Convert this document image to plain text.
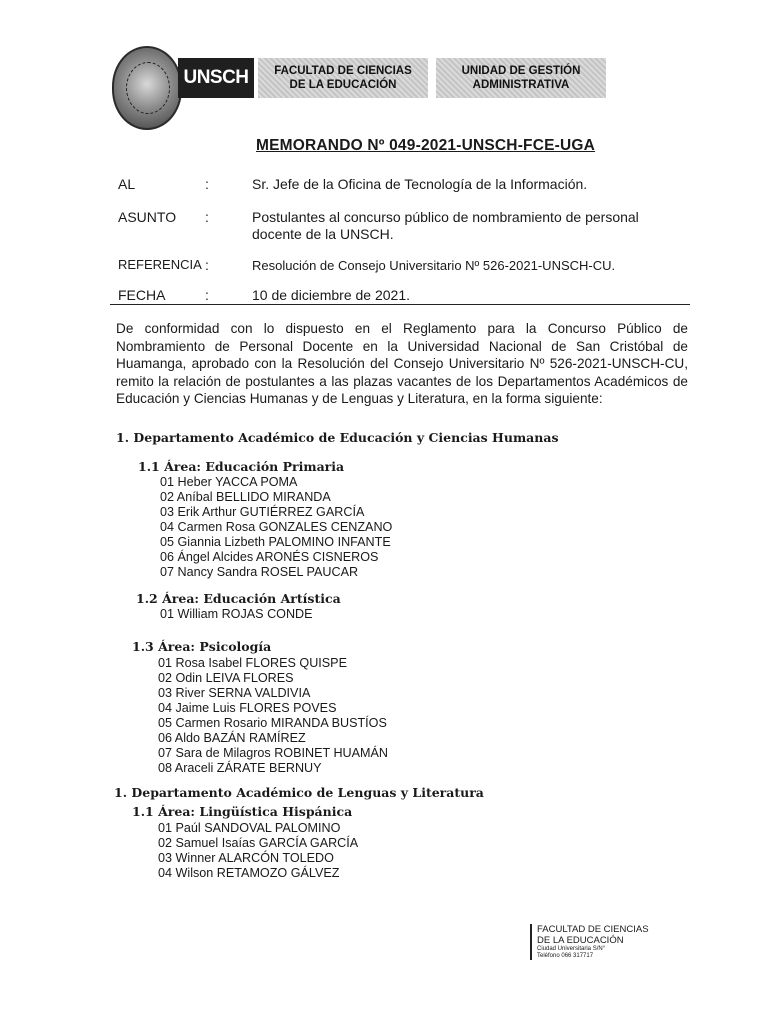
UNSCH FACULTAD DE CIENCIAS
DE LA EDUCACIÓN
UNIDAD DE GESTIÓN
ADMINISTRATIVA
MEMORANDO Nº 049-2021-UNSCH-FCE-UGA
AL	:	Sr. Jefe de la Oficina de Tecnología de la Información.
ASUNTO :	Postulantes al concurso público de nombramiento de personal docente de la UNSCH.
REFERENCIA :	Resolución de Consejo Universitario Nº 526-2021-UNSCH-CU.
FECHA	:	10 de diciembre de 2021.
De conformidad con lo dispuesto en el Reglamento para la Concurso Público de Nombramiento de Personal Docente en la Universidad Nacional de San Cristóbal de Huamanga, aprobado con la Resolución del Consejo Universitario Nº 526-2021-UNSCH-CU, remito la relación de postulantes a las plazas vacantes de los Departamentos Académicos de Educación y Ciencias Humanas y de Lenguas y Literatura, en la forma siguiente:
1. Departamento Académico de Educación y Ciencias Humanas
1.1 Área: Educación Primaria
01 Heber YACCA POMA
02 Aníbal BELLIDO MIRANDA
03 Erik Arthur GUTIÉRREZ GARCÍA
04 Carmen Rosa GONZALES CENZANO
05 Giannia Lizbeth PALOMINO INFANTE
06 Ángel Alcides ARONÉS CISNEROS
07 Nancy Sandra ROSEL PAUCAR
1.2 Área: Educación Artística
01 William ROJAS CONDE
1.3 Área: Psicología
01 Rosa Isabel FLORES QUISPE
02 Odin LEIVA FLORES
03 River SERNA VALDIVIA
04 Jaime Luis FLORES POVES
05 Carmen Rosario MIRANDA BUSTÍOS
06 Aldo BAZÁN RAMÍREZ
07 Sara de Milagros ROBINET HUAMÁN
08 Araceli ZÁRATE BERNUY
1. Departamento Académico de Lenguas y Literatura
1.1 Área: Lingüística Hispánica
01 Paúl SANDOVAL PALOMINO
02 Samuel Isaías GARCÍA GARCÍA
03 Winner ALARCÓN TOLEDO
04 Wilson RETAMOZO GÁLVEZ
FACULTAD DE CIENCIAS
DE LA EDUCACIÓN
Ciudad Universitaria S/N°
Teléfono 066 317717
